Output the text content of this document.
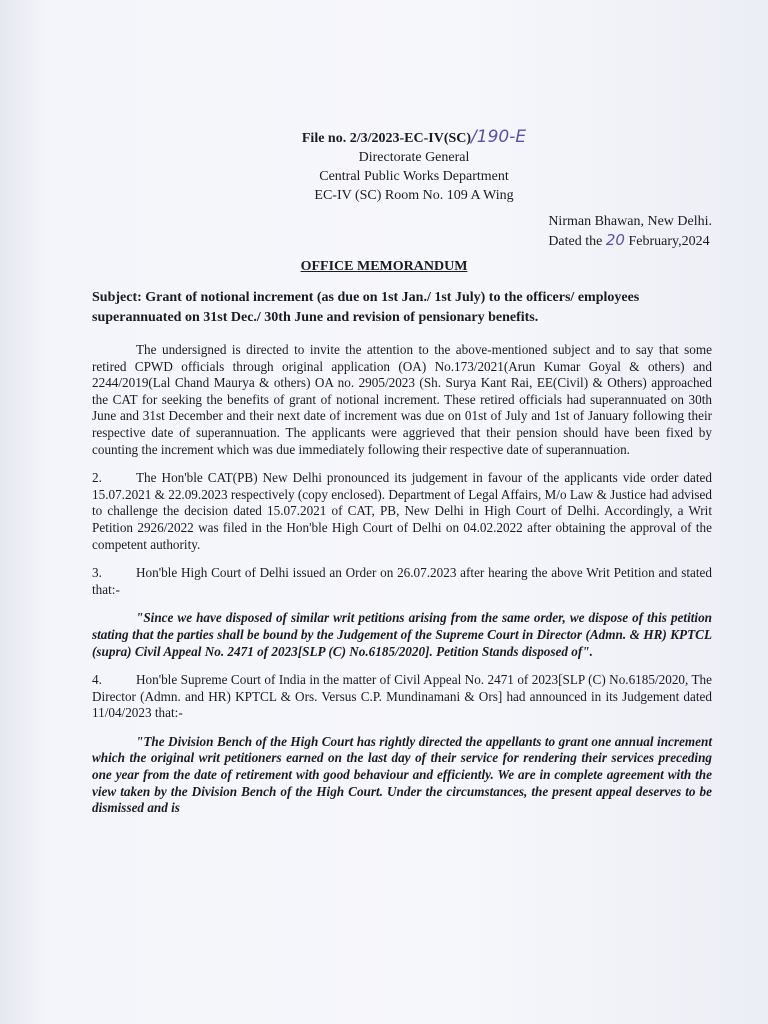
File no. 2/3/2023-EC-IV(SC)/190-E
Directorate General
Central Public Works Department
EC-IV (SC) Room No. 109 A Wing
Nirman Bhawan, New Delhi.
Dated the 20 February,2024
OFFICE MEMORANDUM
Subject: Grant of notional increment (as due on 1st Jan./ 1st July) to the officers/ employees superannuated on 31st Dec./ 30th June and revision of pensionary benefits.

The undersigned is directed to invite the attention to the above-mentioned subject and to say that some retired CPWD officials through original application (OA) No.173/2021(Arun Kumar Goyal & others) and 2244/2019(Lal Chand Maurya & others) OA no. 2905/2023 (Sh. Surya Kant Rai, EE(Civil) & Others) approached the CAT for seeking the benefits of grant of notional increment. These retired officials had superannuated on 30th June and 31st December and their next date of increment was due on 01st of July and 1st of January following their respective date of superannuation. The applicants were aggrieved that their pension should have been fixed by counting the increment which was due immediately following their respective date of superannuation.

2.	The Hon'ble CAT(PB) New Delhi pronounced its judgement in favour of the applicants vide order dated 15.07.2021 & 22.09.2023 respectively (copy enclosed). Department of Legal Affairs, M/o Law & Justice had advised to challenge the decision dated 15.07.2021 of CAT, PB, New Delhi in High Court of Delhi. Accordingly, a Writ Petition 2926/2022 was filed in the Hon'ble High Court of Delhi on 04.02.2022 after obtaining the approval of the competent authority.

3.	Hon'ble High Court of Delhi issued an Order on 26.07.2023 after hearing the above Writ Petition and stated that:-

"Since we have disposed of similar writ petitions arising from the same order, we dispose of this petition stating that the parties shall be bound by the Judgement of the Supreme Court in Director (Admn. & HR) KPTCL (supra) Civil Appeal No. 2471 of 2023[SLP (C) No.6185/2020]. Petition Stands disposed of".

4.	Hon'ble Supreme Court of India in the matter of Civil Appeal No. 2471 of 2023[SLP (C) No.6185/2020, The Director (Admn. and HR) KPTCL & Ors. Versus C.P. Mundinamani & Ors] had announced in its Judgement dated 11/04/2023 that:-

"The Division Bench of the High Court has rightly directed the appellants to grant one annual increment which the original writ petitioners earned on the last day of their service for rendering their services preceding one year from the date of retirement with good behaviour and efficiently. We are in complete agreement with the view taken by the Division Bench of the High Court. Under the circumstances, the present appeal deserves to be dismissed and is
